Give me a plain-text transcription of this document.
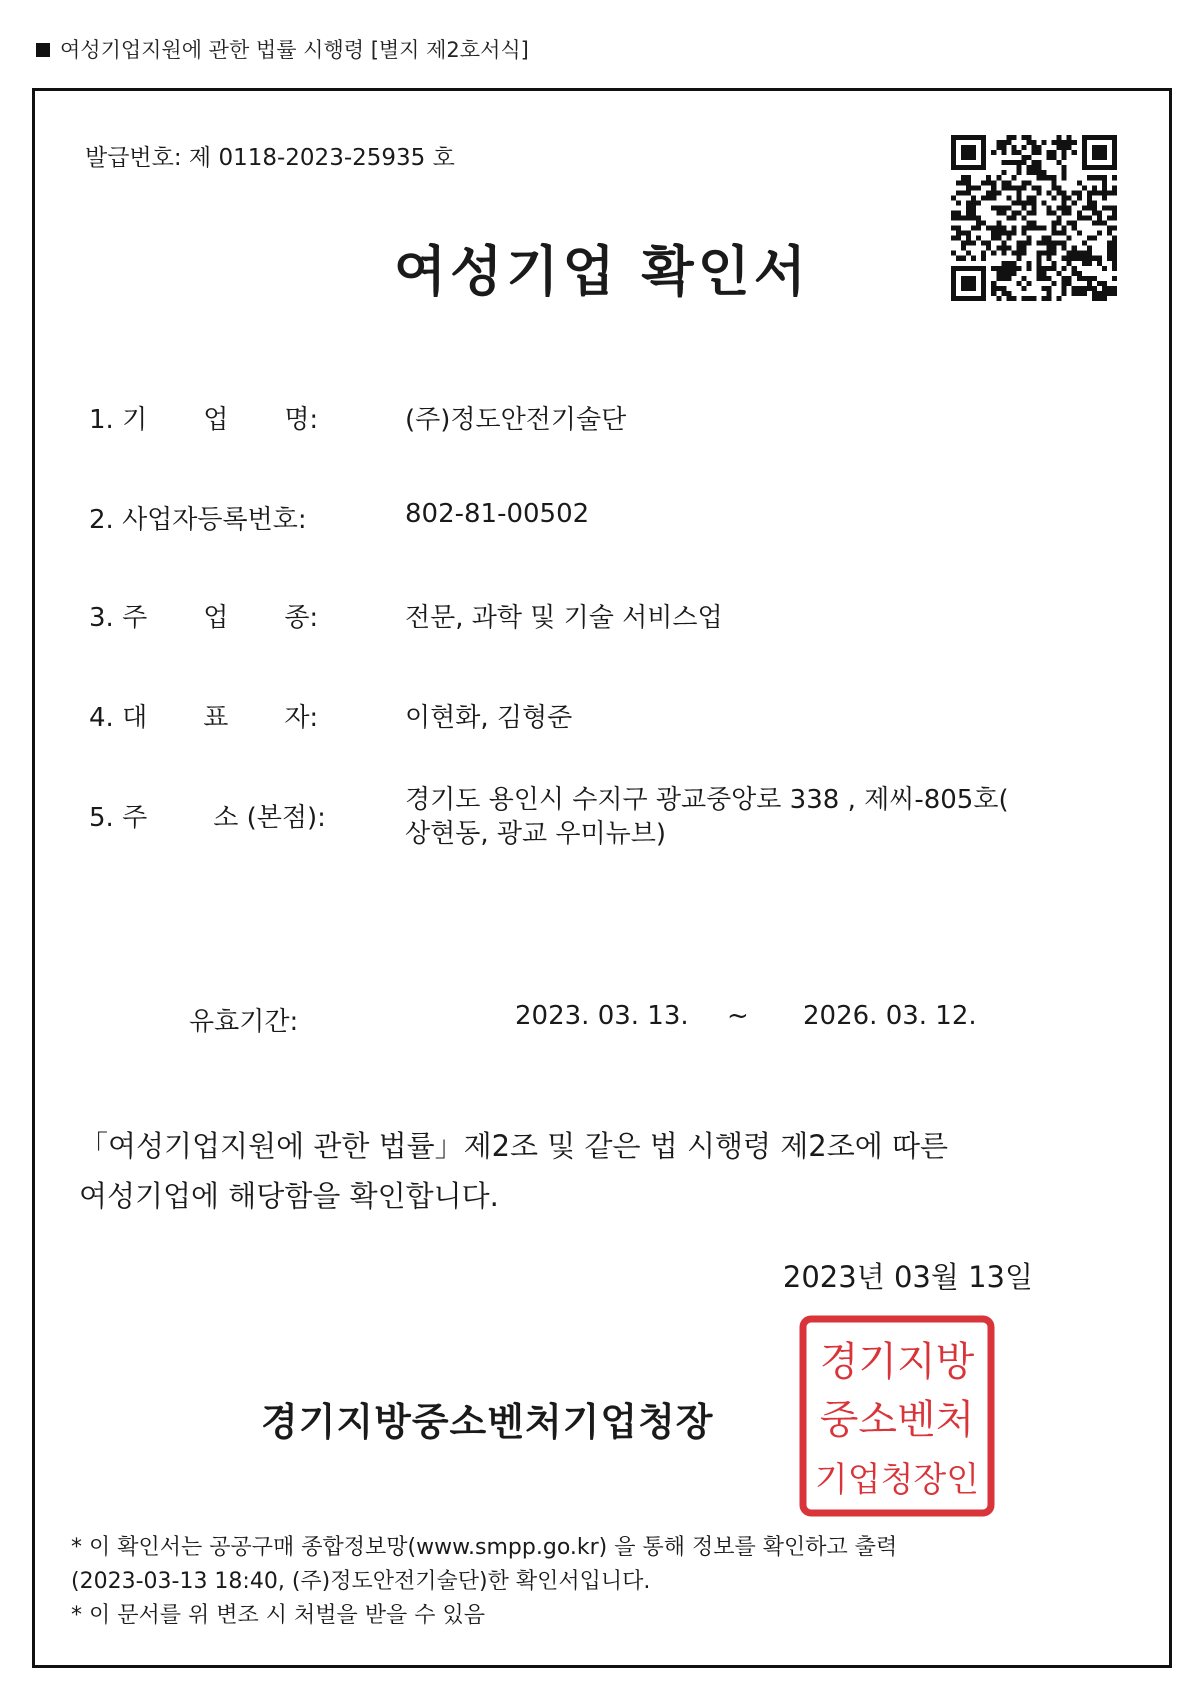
여성기업지원에 관한 법률 시행령 [별지 제2호서식]
발급번호: 제 0118-2023-25935 호
여성기업 확인서
1. 기 업 명:	(주)정도안전기술단
2. 사업자등록번호:	802-81-00502
3. 주 업 종:	전문, 과학 및 기술 서비스업
4. 대 표 자:	이현화, 김형준
5. 주	소 (본점):
경기도 용인시 수지구 광교중앙로 338 , 제씨-805호(
상현동, 광교 우미뉴브)
유효기간:	2023. 03. 13. ~ 2026. 03. 12.
「여성기업지원에 관한 법률」제2조 및 같은 법 시행령 제2조에 따른
여성기업에 해당함을 확인합니다.
2023년 03월 13일
경기지방중소벤처기업청장
경기지방
중소벤처
기업청장인
* 이 확인서는 공공구매 종합정보망(www.smpp.go.kr) 을 통해 정보를 확인하고 출력
(2023-03-13 18:40, (주)정도안전기술단)한 확인서입니다.
* 이 문서를 위 변조 시 처벌을 받을 수 있음
